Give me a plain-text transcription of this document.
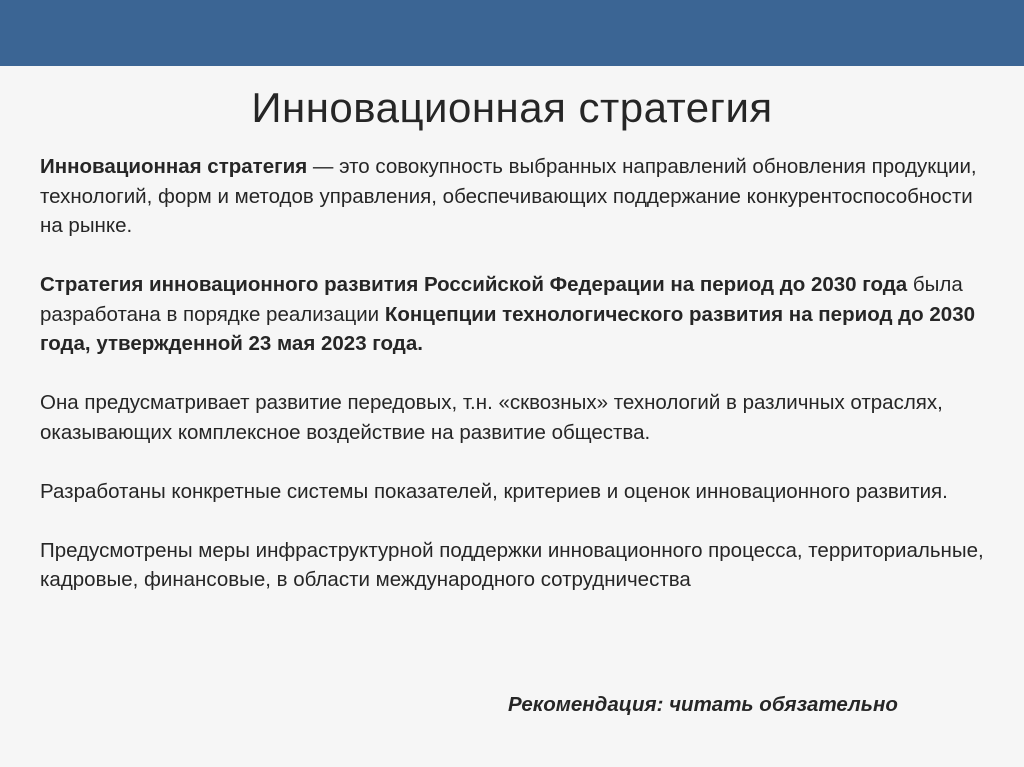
Инновационная стратегия

Инновационная стратегия — это совокупность выбранных направлений обновления продукции, технологий, форм и методов управления, обеспечивающих поддержание конкурентоспособности на рынке.

Стратегия инновационного развития Российской Федерации на период до 2030 года была разработана в порядке реализации Концепции технологического развития на период до 2030 года, утвержденной 23 мая 2023 года.

Она предусматривает развитие передовых, т.н. «сквозных» технологий в различных отраслях, оказывающих комплексное воздействие на развитие общества.

Разработаны конкретные системы показателей, критериев и оценок инновационного развития.

Предусмотрены меры инфраструктурной поддержки инновационного процесса, территориальные, кадровые, финансовые, в области международного сотрудничества

Рекомендация: читать обязательно
